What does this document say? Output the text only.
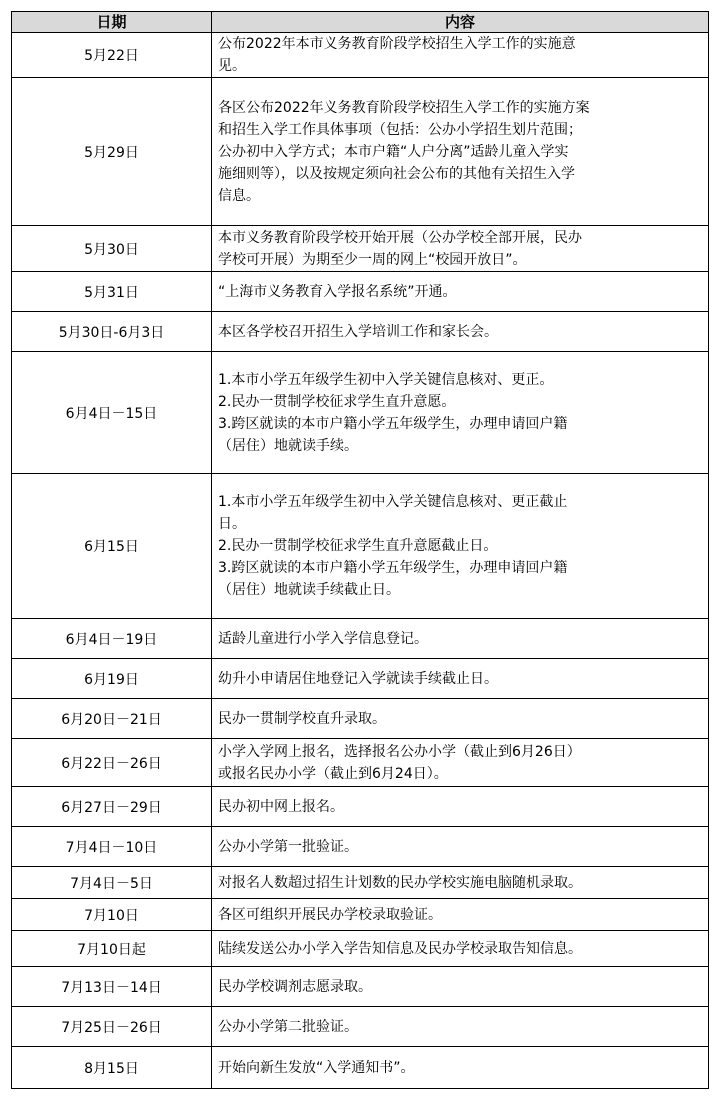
日期	内容
5月22日	公布2022年本市义务教育阶段学校招生入学工作的实施意
见。

5月29日	各区公布2022年义务教育阶段学校招生入学工作的实施方案
和招生入学工作具体事项（包括：公办小学招生划片范围；
公办初中入学方式；本市户籍“人户分离”适龄儿童入学实
施细则等），以及按规定须向社会公布的其他有关招生入学
信息。

5月30日	本市义务教育阶段学校开始开展（公办学校全部开展，民办
学校可开展）为期至少一周的网上“校园开放日”。

5月31日	“上海市义务教育入学报名系统”开通。

5月30日-6月3日	本区各学校召开招生入学培训工作和家长会。

6月4日－15日	1.本市小学五年级学生初中入学关键信息核对、更正。
2.民办一贯制学校征求学生直升意愿。
3.跨区就读的本市户籍小学五年级学生，办理申请回户籍
（居住）地就读手续。

6月15日	1.本市小学五年级学生初中入学关键信息核对、更正截止
日。
2.民办一贯制学校征求学生直升意愿截止日。
3.跨区就读的本市户籍小学五年级学生，办理申请回户籍
（居住）地就读手续截止日。

6月4日－19日	适龄儿童进行小学入学信息登记。

6月19日	幼升小申请居住地登记入学就读手续截止日。

6月20日－21日	民办一贯制学校直升录取。

6月22日－26日	小学入学网上报名，选择报名公办小学（截止到6月26日）
或报名民办小学（截止到6月24日）。

6月27日－29日	民办初中网上报名。

7月4日－10日	公办小学第一批验证。

7月4日－5日	对报名人数超过招生计划数的民办学校实施电脑随机录取。

7月10日	各区可组织开展民办学校录取验证。

7月10日起	陆续发送公办小学入学告知信息及民办学校录取告知信息。

7月13日－14日	民办学校调剂志愿录取。

7月25日－26日	公办小学第二批验证。

8月15日	开始向新生发放“入学通知书”。
